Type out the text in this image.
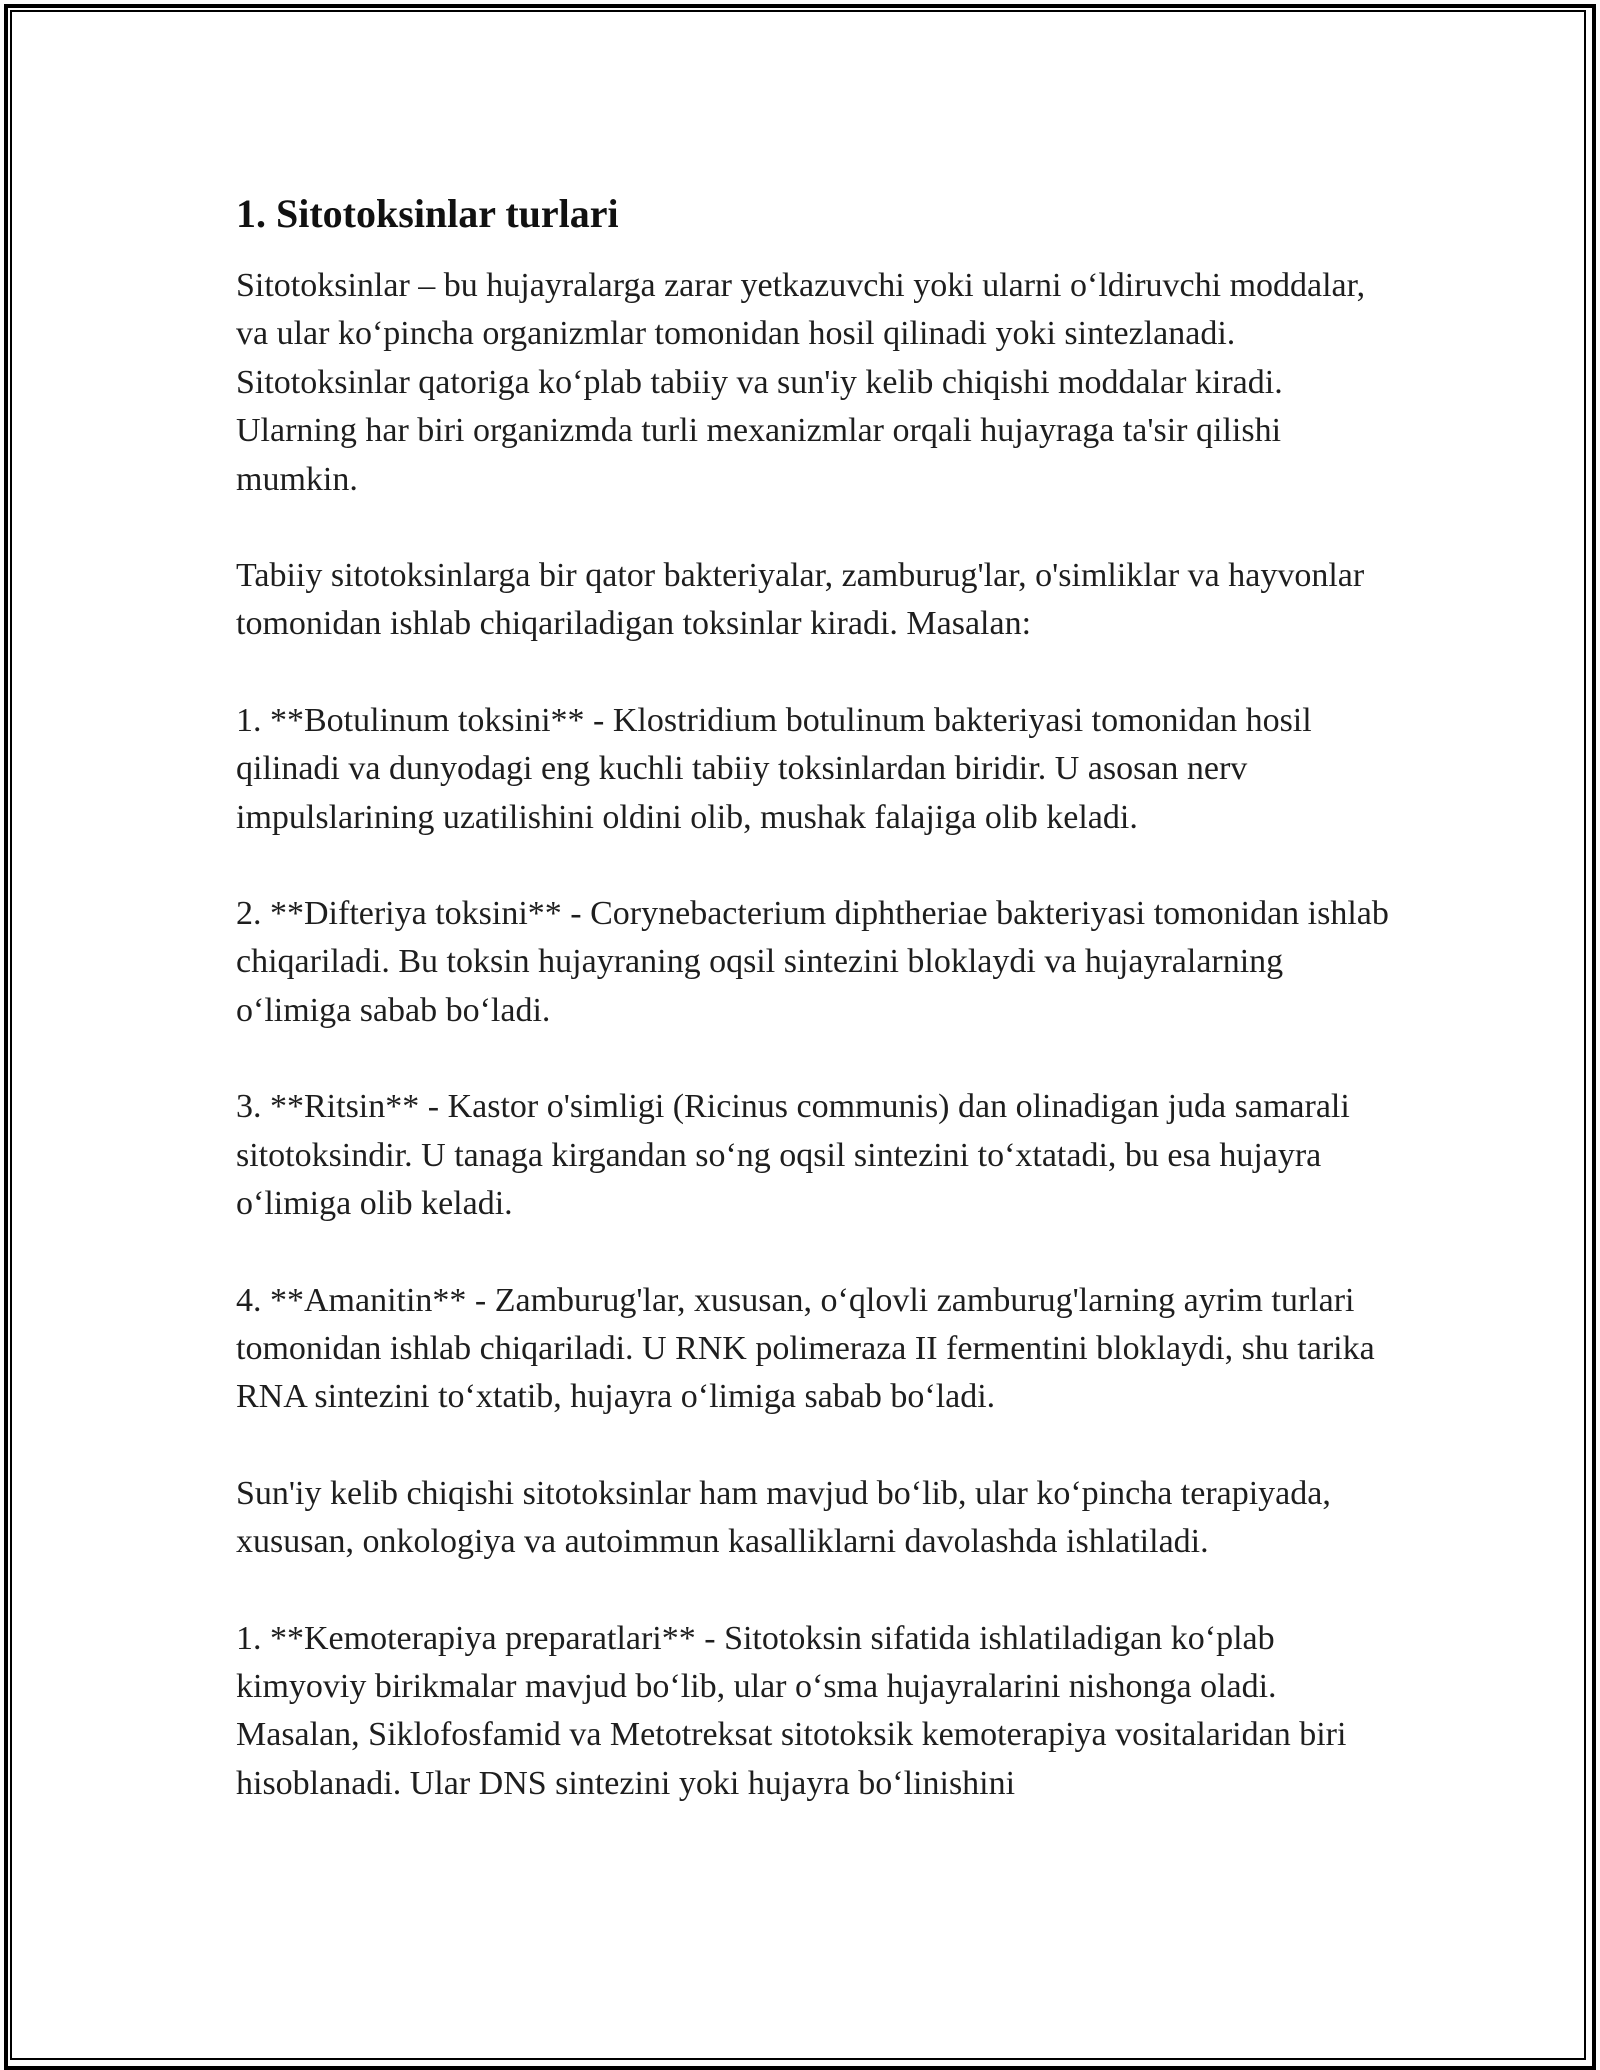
1. Sitotoksinlar turlari

Sitotoksinlar – bu hujayralarga zarar yetkazuvchi yoki ularni o‘ldiruvchi moddalar, va ular ko‘pincha organizmlar tomonidan hosil qilinadi yoki sintezlanadi. Sitotoksinlar qatoriga ko‘plab tabiiy va sun'iy kelib chiqishi moddalar kiradi. Ularning har biri organizmda turli mexanizmlar orqali hujayraga ta'sir qilishi mumkin.

Tabiiy sitotoksinlarga bir qator bakteriyalar, zamburug'lar, o'simliklar va hayvonlar tomonidan ishlab chiqariladigan toksinlar kiradi. Masalan:

1. **Botulinum toksini** - Klostridium botulinum bakteriyasi tomonidan hosil qilinadi va dunyodagi eng kuchli tabiiy toksinlardan biridir. U asosan nerv impulslarining uzatilishini oldini olib, mushak falajiga olib keladi.

2. **Difteriya toksini** - Corynebacterium diphtheriae bakteriyasi tomonidan ishlab chiqariladi. Bu toksin hujayraning oqsil sintezini bloklaydi va hujayralarning o‘limiga sabab bo‘ladi.

3. **Ritsin** - Kastor o'simligi (Ricinus communis) dan olinadigan juda samarali sitotoksindir. U tanaga kirgandan so‘ng oqsil sintezini to‘xtatadi, bu esa hujayra o‘limiga olib keladi.

4. **Amanitin** - Zamburug'lar, xususan, o‘qlovli zamburug'larning ayrim turlari tomonidan ishlab chiqariladi. U RNK polimeraza II fermentini bloklaydi, shu tarika RNA sintezini to‘xtatib, hujayra o‘limiga sabab bo‘ladi.

Sun'iy kelib chiqishi sitotoksinlar ham mavjud bo‘lib, ular ko‘pincha terapiyada, xususan, onkologiya va autoimmun kasalliklarni davolashda ishlatiladi.

1. **Kemoterapiya preparatlari** - Sitotoksin sifatida ishlatiladigan ko‘plab kimyoviy birikmalar mavjud bo‘lib, ular o‘sma hujayralarini nishonga oladi. Masalan, Siklofosfamid va Metotreksat sitotoksik kemoterapiya vositalaridan biri hisoblanadi. Ular DNS sintezini yoki hujayra bo‘linishini
